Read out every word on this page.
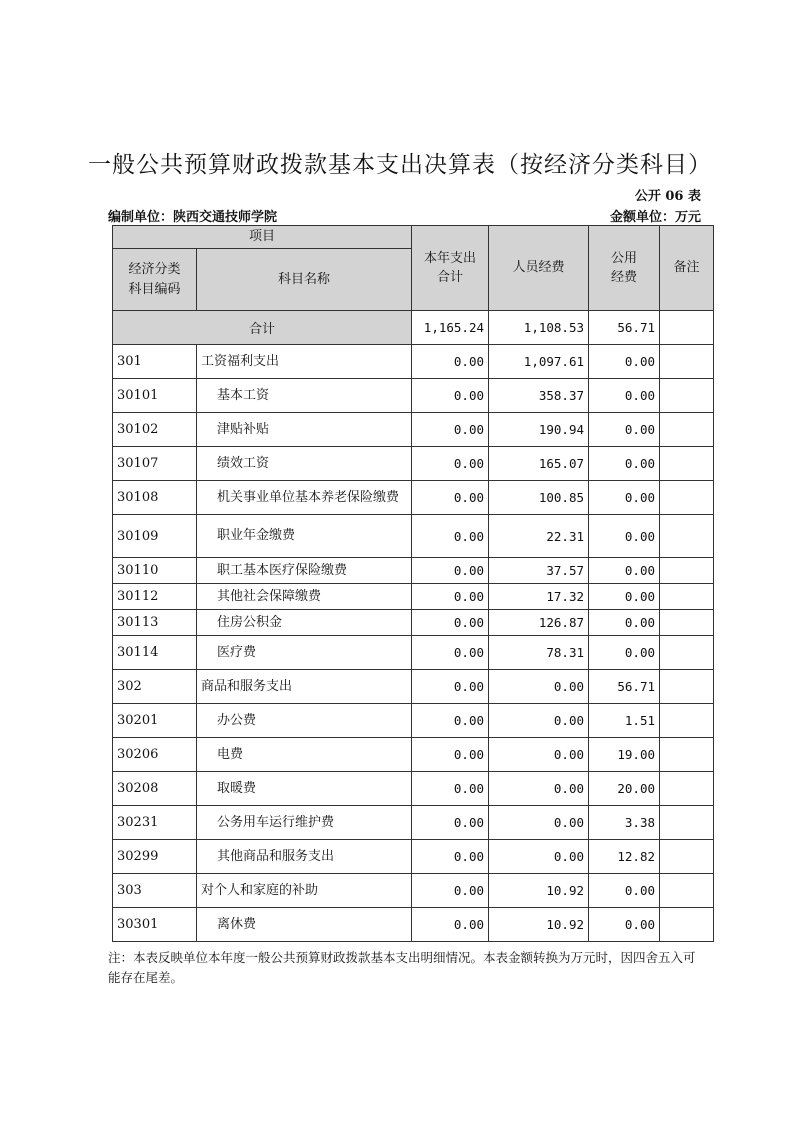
一般公共预算财政拨款基本支出决算表（按经济分类科目）
公开 06 表
编制单位：陕西交通技师学院	金额单位：万元
项目		本年支出合计	人员经费	公用经费	备注
经济分类科目编码	科目名称				
合计		1,165.24	1,108.53	56.71	
301	工资福利支出	0.00	1,097.61	0.00	
30101	基本工资	0.00	358.37	0.00	
30102	津贴补贴	0.00	190.94	0.00	
30107	绩效工资	0.00	165.07	0.00	
30108	机关事业单位基本养老保险缴费	0.00	100.85	0.00	
30109	职业年金缴费	0.00	22.31	0.00	
30110	职工基本医疗保险缴费	0.00	37.57	0.00	
30112	其他社会保障缴费	0.00	17.32	0.00	
30113	住房公积金	0.00	126.87	0.00	
30114	医疗费	0.00	78.31	0.00	
302	商品和服务支出	0.00	0.00	56.71	
30201	办公费	0.00	0.00	1.51	
30206	电费	0.00	0.00	19.00	
30208	取暖费	0.00	0.00	20.00	
30231	公务用车运行维护费	0.00	0.00	3.38	
30299	其他商品和服务支出	0.00	0.00	12.82	
303	对个人和家庭的补助	0.00	10.92	0.00	
30301	离休费	0.00	10.92	0.00	
注：本表反映单位本年度一般公共预算财政拨款基本支出明细情况。本表金额转换为万元时，因四舍五入可能存在尾差。
